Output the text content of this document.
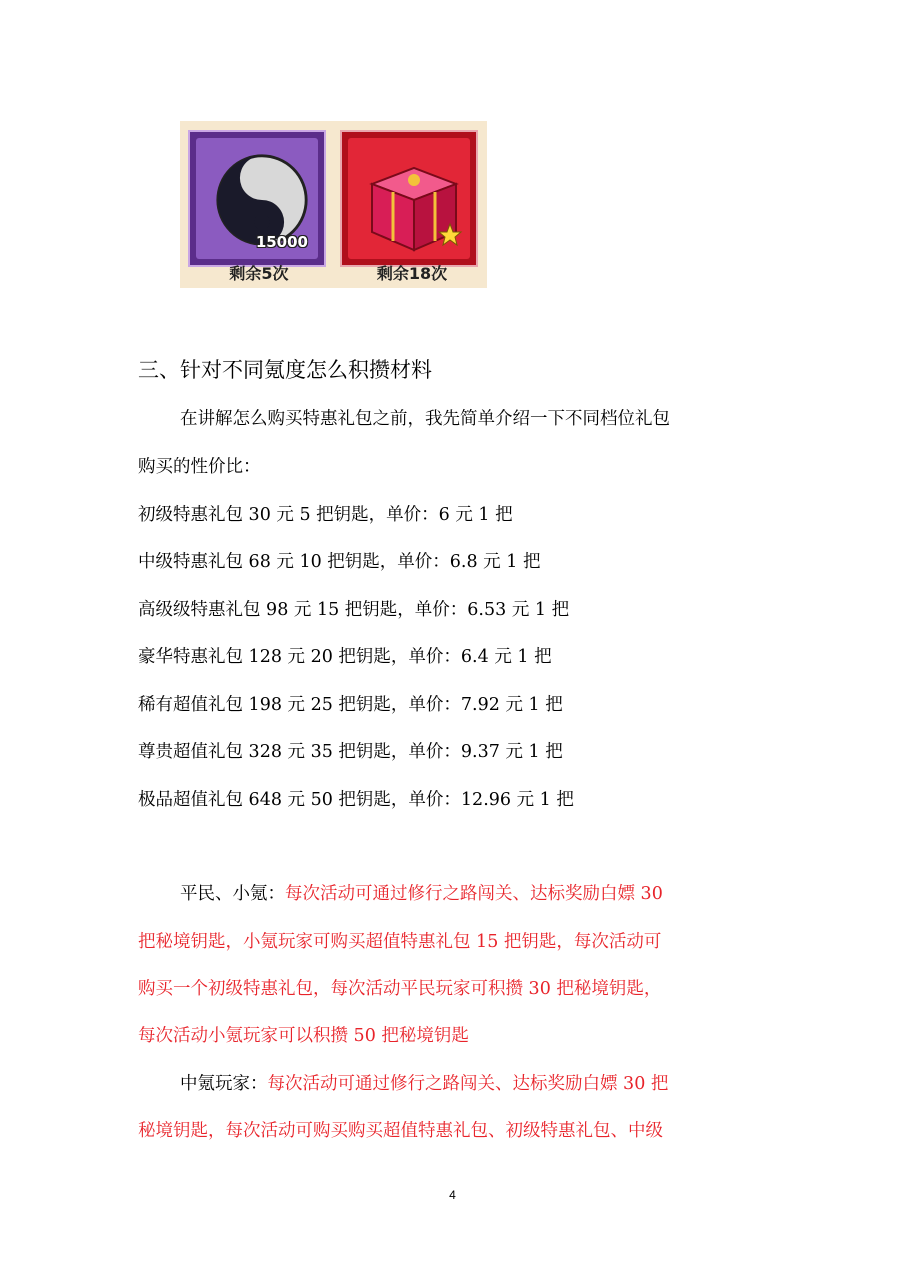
15000
剩余5次	剩余18次
三、针对不同氪度怎么积攒材料
在讲解怎么购买特惠礼包之前，我先简单介绍一下不同档位礼包
购买的性价比：
初级特惠礼包 30 元 5 把钥匙，单价：6 元 1 把
中级特惠礼包 68 元 10 把钥匙，单价：6.8 元 1 把
高级级特惠礼包 98 元 15 把钥匙，单价：6.53 元 1 把
豪华特惠礼包 128 元 20 把钥匙，单价：6.4 元 1 把
稀有超值礼包 198 元 25 把钥匙，单价：7.92 元 1 把
尊贵超值礼包 328 元 35 把钥匙，单价：9.37 元 1 把
极品超值礼包 648 元 50 把钥匙，单价：12.96 元 1 把
平民、小氪：每次活动可通过修行之路闯关、达标奖励白嫖 30
把秘境钥匙，小氪玩家可购买超值特惠礼包 15 把钥匙，每次活动可
购买一个初级特惠礼包，每次活动平民玩家可积攒 30 把秘境钥匙，
每次活动小氪玩家可以积攒 50 把秘境钥匙
中氪玩家：每次活动可通过修行之路闯关、达标奖励白嫖 30 把
秘境钥匙，每次活动可购买购买超值特惠礼包、初级特惠礼包、中级
4
